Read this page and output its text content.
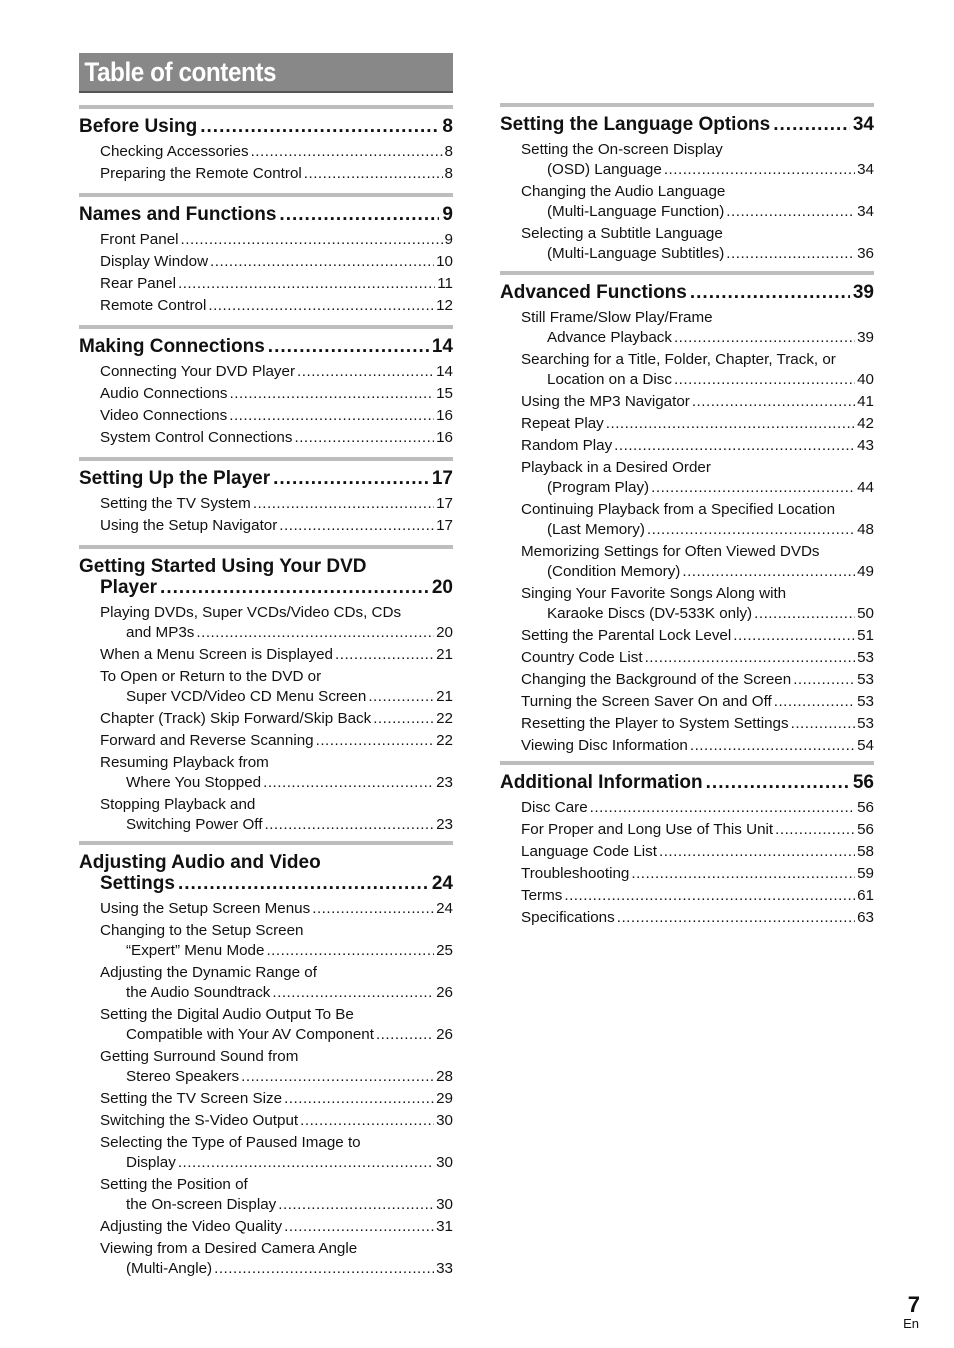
Table of contents
Before Using .....	8
Checking Accessories .....	8
Preparing the Remote Control .....	8
Names and Functions .....	9
Front Panel .....	9
Display Window .....	10
Rear Panel .....	11
Remote Control .....	12
Making Connections .....	14
Connecting Your DVD Player .....	14
Audio Connections .....	15
Video Connections .....	16
System Control Connections .....	16
Setting Up the Player .....	17
Setting the TV System .....	17
Using the Setup Navigator .....	17
Getting Started Using Your DVD
Player .....	20
Playing DVDs, Super VCDs/Video CDs, CDs
and MP3s .....	20
When a Menu Screen is Displayed .....	21
To Open or Return to the DVD or
Super VCD/Video CD Menu Screen .....	21
Chapter (Track) Skip Forward/Skip Back .....	22
Forward and Reverse Scanning .....	22
Resuming Playback from
Where You Stopped .....	23
Stopping Playback and
Switching Power Off .....	23
Adjusting Audio and Video
Settings .....	24
Using the Setup Screen Menus .....	24
Changing to the Setup Screen
“Expert” Menu Mode .....	25
Adjusting the Dynamic Range of
the Audio Soundtrack .....	26
Setting the Digital Audio Output To Be
Compatible with Your AV Component .....	26
Getting Surround Sound from
Stereo Speakers .....	28
Setting the TV Screen Size .....	29
Switching the S-Video Output .....	30
Selecting the Type of Paused Image to
Display .....	30
Setting the Position of
the On-screen Display .....	30
Adjusting the Video Quality .....	31
Viewing from a Desired Camera Angle
(Multi-Angle) .....	33
Setting the Language Options .....	34
Setting the On-screen Display
(OSD) Language .....	34
Changing the Audio Language
(Multi-Language Function) .....	34
Selecting a Subtitle Language
(Multi-Language Subtitles) .....	36
Advanced Functions .....	39
Still Frame/Slow Play/Frame
Advance Playback .....	39
Searching for a Title, Folder, Chapter, Track, or
Location on a Disc .....	40
Using the MP3 Navigator .....	41
Repeat Play .....	42
Random Play .....	43
Playback in a Desired Order
(Program Play) .....	44
Continuing Playback from a Specified Location
(Last Memory) .....	48
Memorizing Settings for Often Viewed DVDs
(Condition Memory) .....	49
Singing Your Favorite Songs Along with
Karaoke Discs (DV-533K only) .....	50
Setting the Parental Lock Level .....	51
Country Code List .....	53
Changing the Background of the Screen .....	53
Turning the Screen Saver On and Off .....	53
Resetting the Player to System Settings .....	53
Viewing Disc Information .....	54
Additional Information .....	56
Disc Care .....	56
For Proper and Long Use of This Unit .....	56
Language Code List .....	58
Troubleshooting .....	59
Terms .....	61
Specifications .....	63
7
En
